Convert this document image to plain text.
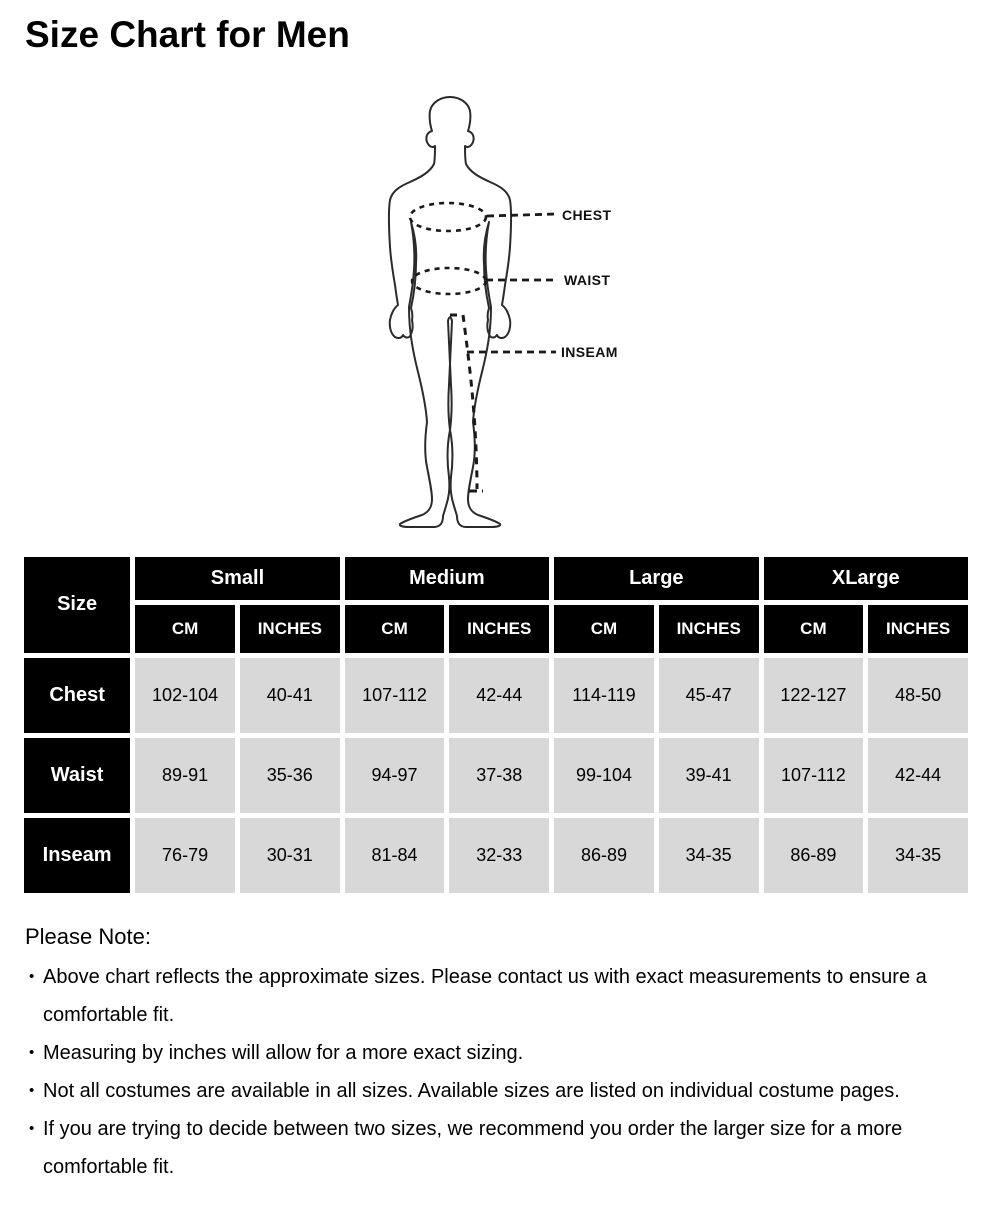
Size Chart for Men
CHEST
WAIST
INSEAM
Size	Small		Medium		Large		XLarge	
	CM	INCHES	CM	INCHES	CM	INCHES	CM	INCHES
Chest	102-104	40-41	107-112	42-44	114-119	45-47	122-127	48-50
Waist	89-91	35-36	94-97	37-38	99-104	39-41	107-112	42-44
Inseam	76-79	30-31	81-84	32-33	86-89	34-35	86-89	34-35

Please Note:

• Above chart reflects the approximate sizes. Please contact us with exact measurements to ensure a comfortable fit.
• Measuring by inches will allow for a more exact sizing.
• Not all costumes are available in all sizes. Available sizes are listed on individual costume pages.
• If you are trying to decide between two sizes, we recommend you order the larger size for a more comfortable fit.
